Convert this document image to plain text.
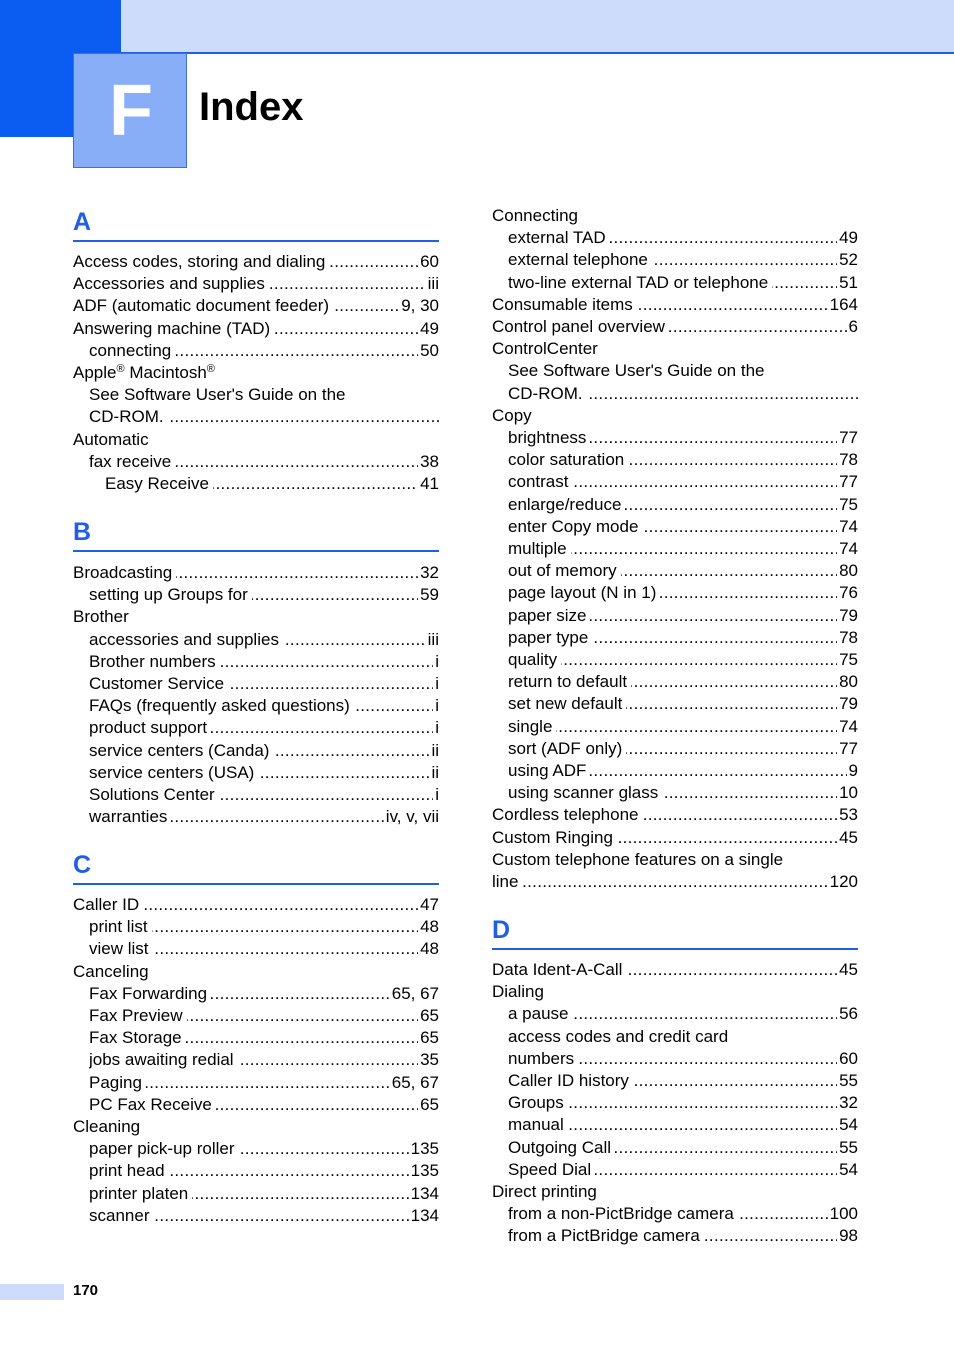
F	Index
A
..... Access codes, storing and dialing	60
..... Accessories and supplies	iii
..... ADF (automatic document feeder)	9, 30
..... Answering machine (TAD)	49
..... connecting	50
Apple® Macintosh®
See Software User's Guide on the
..... CD-ROM.
Automatic
..... fax receive	38
..... Easy Receive	41
B
..... Broadcasting	32
..... setting up Groups for	59
Brother
..... accessories and supplies	iii
..... Brother numbers	i
..... Customer Service	i
..... FAQs (frequently asked questions)	i
..... product support	i
..... service centers (Canda)	ii
..... service centers (USA)	ii
..... Solutions Center	i
..... warranties	iv, v, vii
C
..... Caller ID	47
..... print list	48
..... view list	48
Canceling
..... Fax Forwarding	65, 67
..... Fax Preview	65
..... Fax Storage	65
..... jobs awaiting redial	35
..... Paging	65, 67
..... PC Fax Receive	65
Cleaning
..... paper pick-up roller	135
..... print head	135
..... printer platen	134
..... scanner	134
Connecting
..... external TAD	49
..... external telephone	52
..... two-line external TAD or telephone	51
..... Consumable items	164
..... Control panel overview	6
ControlCenter
See Software User's Guide on the
..... CD-ROM.
Copy
..... brightness	77
..... color saturation	78
..... contrast	77
..... enlarge/reduce	75
..... enter Copy mode	74
..... multiple	74
..... out of memory	80
..... page layout (N in 1)	76
..... paper size	79
..... paper type	78
..... quality	75
..... return to default	80
..... set new default	79
..... single	74
..... sort (ADF only)	77
..... using ADF	9
..... using scanner glass	10
..... Cordless telephone	53
..... Custom Ringing	45
Custom telephone features on a single
..... line	120
D
..... Data Ident-A-Call	45
Dialing
..... a pause	56
access codes and credit card
..... numbers	60
..... Caller ID history	55
..... Groups	32
..... manual	54
..... Outgoing Call	55
..... Speed Dial	54
Direct printing
..... from a non-PictBridge camera	100
..... from a PictBridge camera	98
170
